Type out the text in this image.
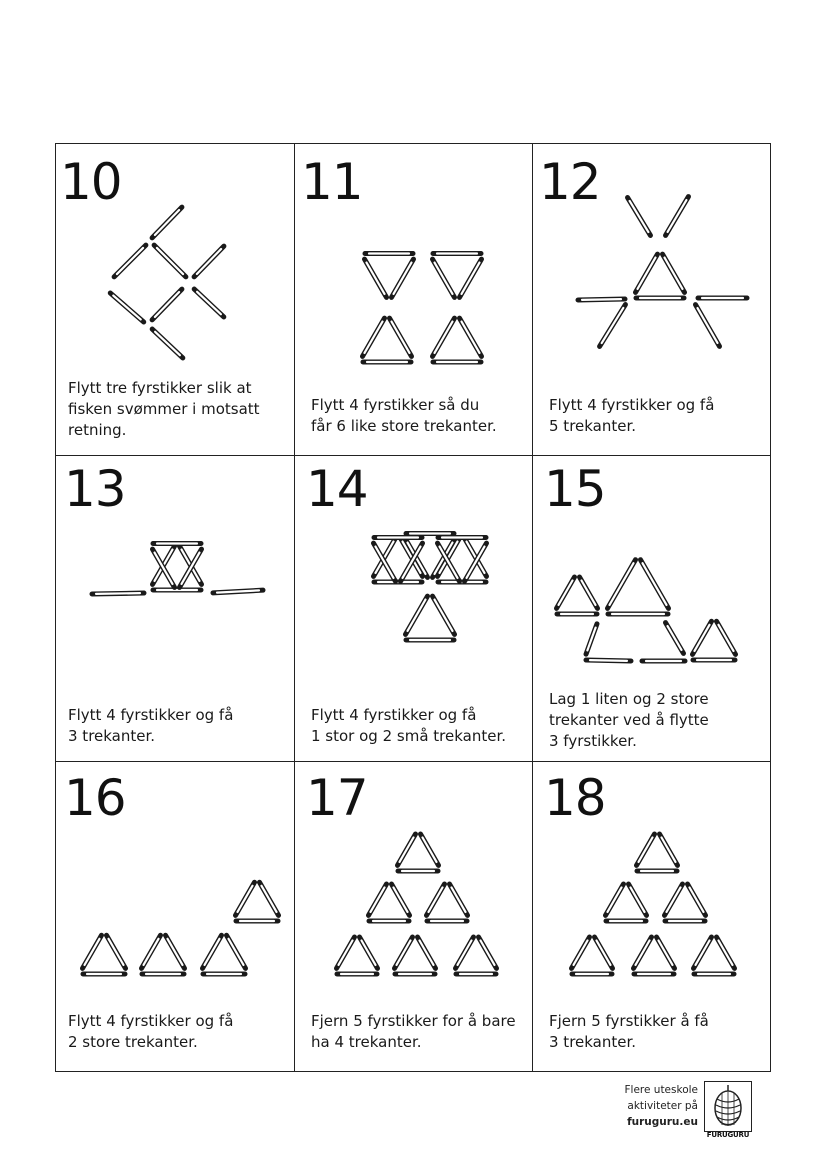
10	11	12
13	14	15
16	17	18
Flytt tre fyrstikker slik at
fisken svømmer i motsatt
retning.
Flytt 4 fyrstikker så du
får 6 like store trekanter.
Flytt 4 fyrstikker og få
5 trekanter.
Flytt 4 fyrstikker og få
3 trekanter.
Flytt 4 fyrstikker og få
1 stor og 2 små trekanter.
Lag 1 liten og 2 store
trekanter ved å flytte
3 fyrstikker.
Flytt 4 fyrstikker og få
2 store trekanter.
Fjern 5 fyrstikker for å bare
ha 4 trekanter.
Fjern 5 fyrstikker å få
3 trekanter.
Flere uteskole
aktiviteter på
furuguru.eu
FURUGURU
